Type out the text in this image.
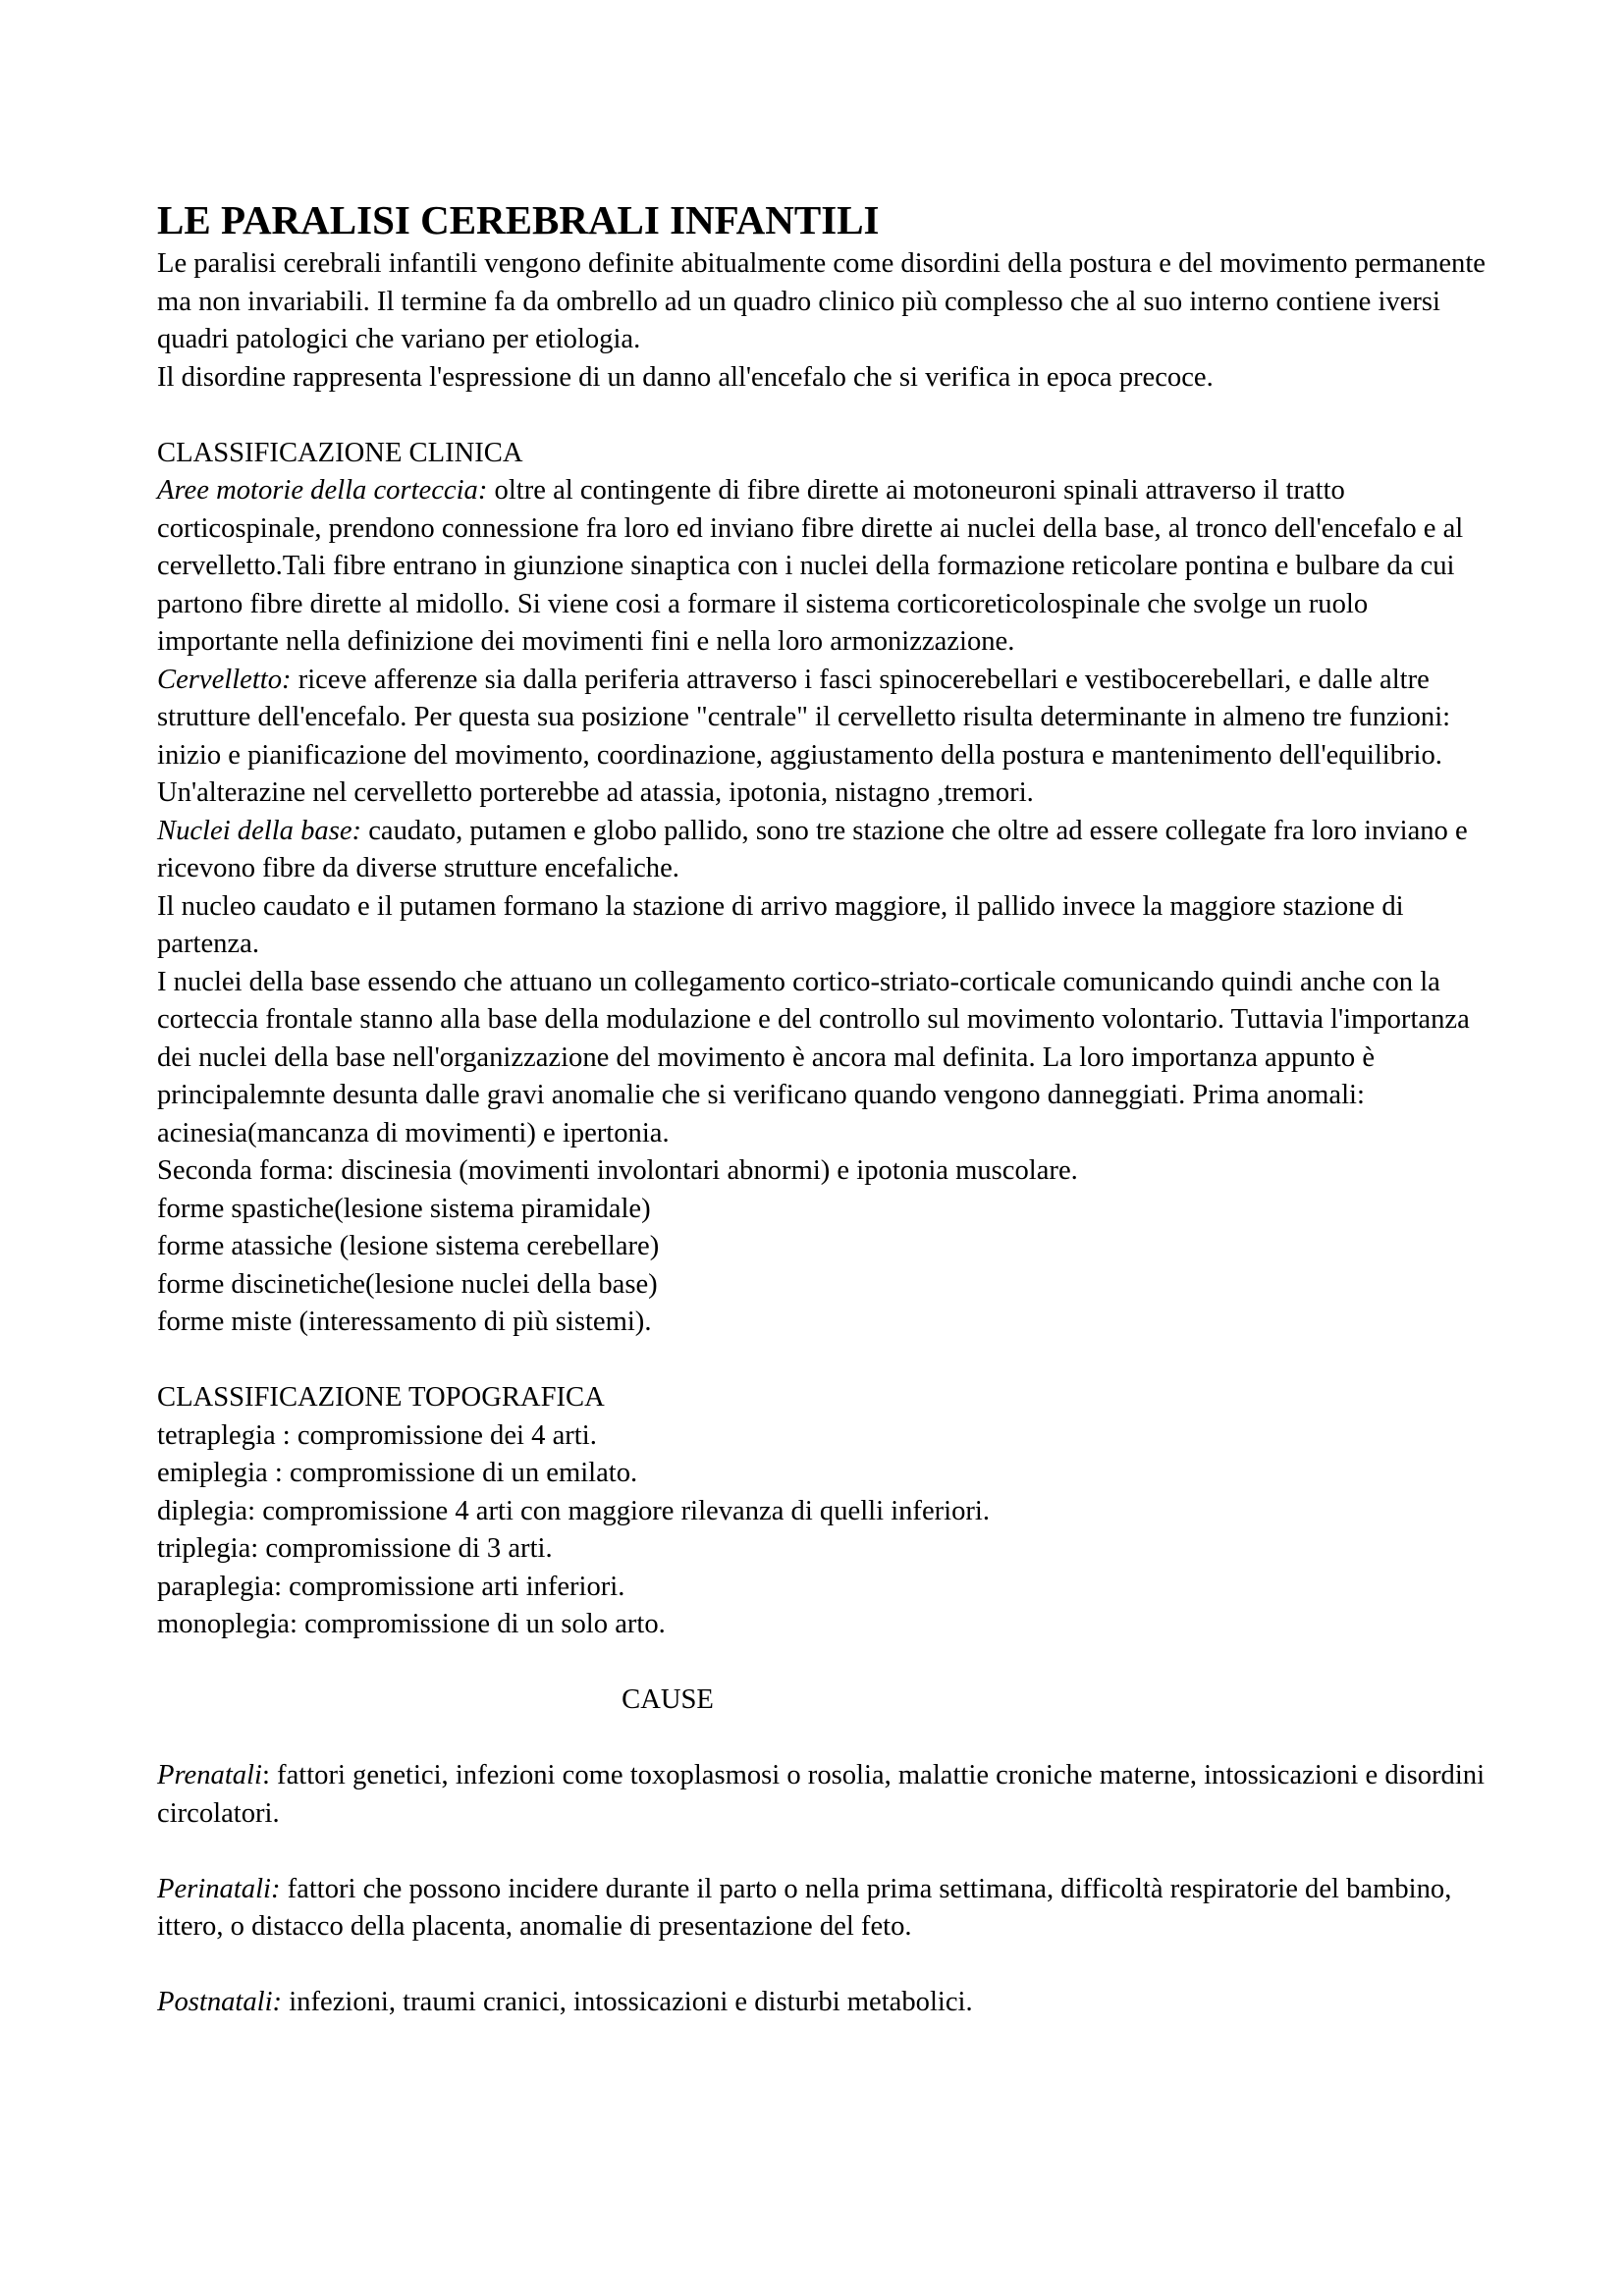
LE PARALISI CEREBRALI INFANTILI

Le paralisi cerebrali infantili vengono definite abitualmente come disordini della postura e del movimento permanente ma non invariabili. Il termine fa da ombrello ad un quadro clinico più complesso che al suo interno contiene iversi quadri patologici che variano per etiologia.

Il disordine rappresenta l'espressione di un danno all'encefalo che si verifica in epoca precoce.

CLASSIFICAZIONE CLINICA

Aree motorie della corteccia: oltre al contingente di fibre dirette ai motoneuroni spinali attraverso il tratto corticospinale, prendono connessione fra loro ed inviano fibre dirette ai nuclei della base, al tronco dell'encefalo e al cervelletto.Tali fibre entrano in giunzione sinaptica con i nuclei della formazione reticolare pontina e bulbare da cui partono fibre dirette al midollo. Si viene cosi a formare il sistema corticoreticolospinale che svolge un ruolo importante nella definizione dei movimenti fini e nella loro armonizzazione.

Cervelletto: riceve afferenze sia dalla periferia attraverso i fasci spinocerebellari e vestibocerebellari, e dalle altre strutture dell'encefalo. Per questa sua posizione "centrale" il cervelletto risulta determinante in almeno tre funzioni: inizio e pianificazione del movimento, coordinazione, aggiustamento della postura e mantenimento dell'equilibrio. Un'alterazine nel cervelletto porterebbe ad atassia, ipotonia, nistagno ,tremori.

Nuclei della base: caudato, putamen e globo pallido, sono tre stazione che oltre ad essere collegate fra loro inviano e ricevono fibre da diverse strutture encefaliche.

Il nucleo caudato e il putamen formano la stazione di arrivo maggiore, il pallido invece la maggiore stazione di partenza.

I nuclei della base essendo che attuano un collegamento cortico-striato-corticale comunicando quindi anche con la corteccia frontale stanno alla base della modulazione e del controllo sul movimento volontario. Tuttavia l'importanza dei nuclei della base nell'organizzazione del movimento è ancora mal definita. La loro importanza appunto è principalemnte desunta dalle gravi anomalie che si verificano quando vengono danneggiati. Prima anomali: acinesia(mancanza di movimenti) e ipertonia.

Seconda forma: discinesia (movimenti involontari abnormi) e ipotonia muscolare.

forme spastiche(lesione sistema piramidale)

forme atassiche (lesione sistema cerebellare)

forme discinetiche(lesione nuclei della base)

forme miste (interessamento di più sistemi).

CLASSIFICAZIONE TOPOGRAFICA

tetraplegia : compromissione dei 4 arti.

emiplegia : compromissione di un emilato.

diplegia: compromissione 4 arti con maggiore rilevanza di quelli inferiori.

triplegia: compromissione di 3 arti.

paraplegia: compromissione arti inferiori.

monoplegia: compromissione di un solo arto.

CAUSE

Prenatali: fattori genetici, infezioni come toxoplasmosi o rosolia, malattie croniche materne, intossicazioni e disordini circolatori.

Perinatali: fattori che possono incidere durante il parto o nella prima settimana, difficoltà respiratorie del bambino, ittero, o distacco della placenta, anomalie di presentazione del feto.

Postnatali: infezioni, traumi cranici, intossicazioni e disturbi metabolici.
